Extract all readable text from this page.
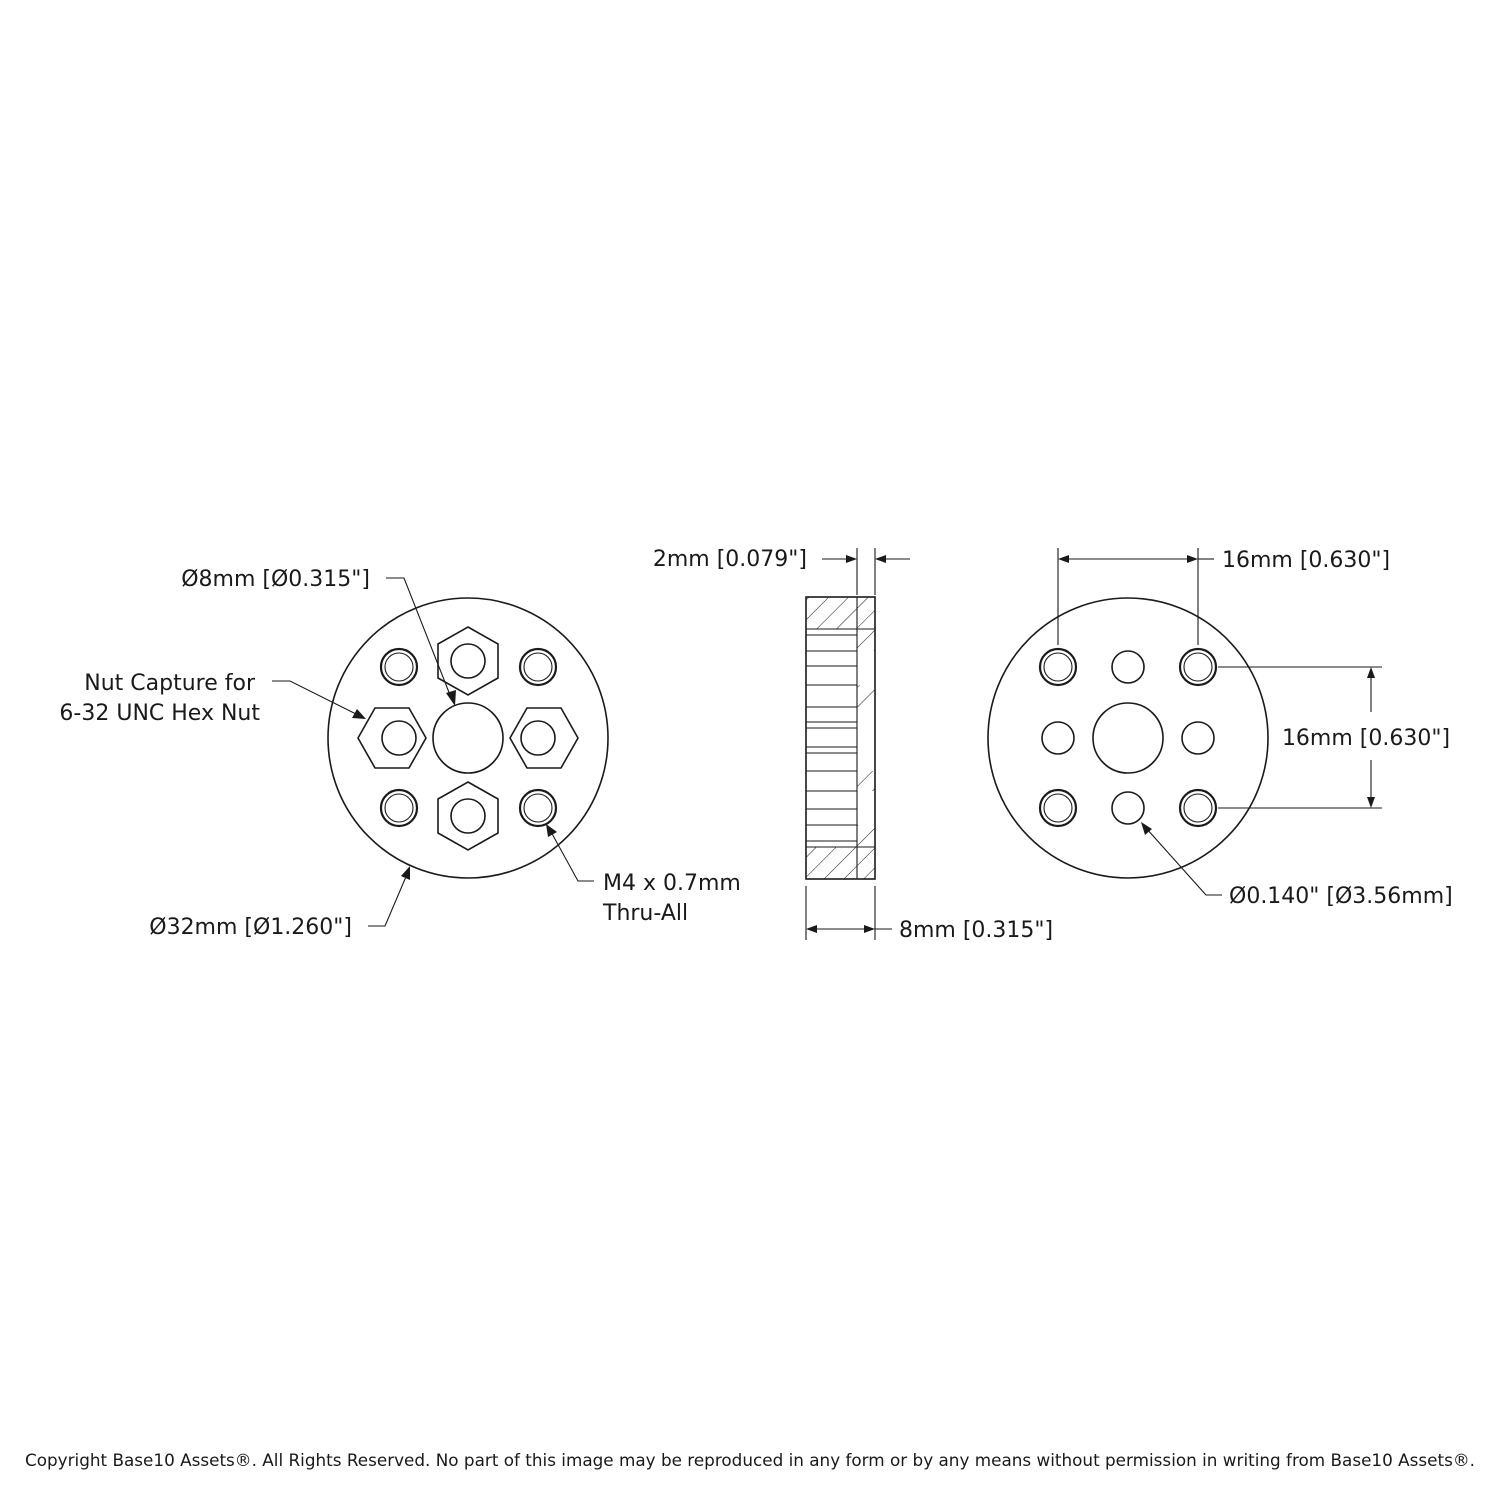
Ø8mm [Ø0.315"]
Nut Capture for
6-32 UNC Hex Nut
Ø32mm [Ø1.260"]
M4 x 0.7mm
Thru-All
2mm [0.079"]
8mm [0.315"]
16mm [0.630"]
16mm [0.630"]
Ø0.140" [Ø3.56mm]
Copyright Base10 Assets®. All Rights Reserved. No part of this image may be reproduced in any form or by any means without permission in writing from Base10 Assets®.
